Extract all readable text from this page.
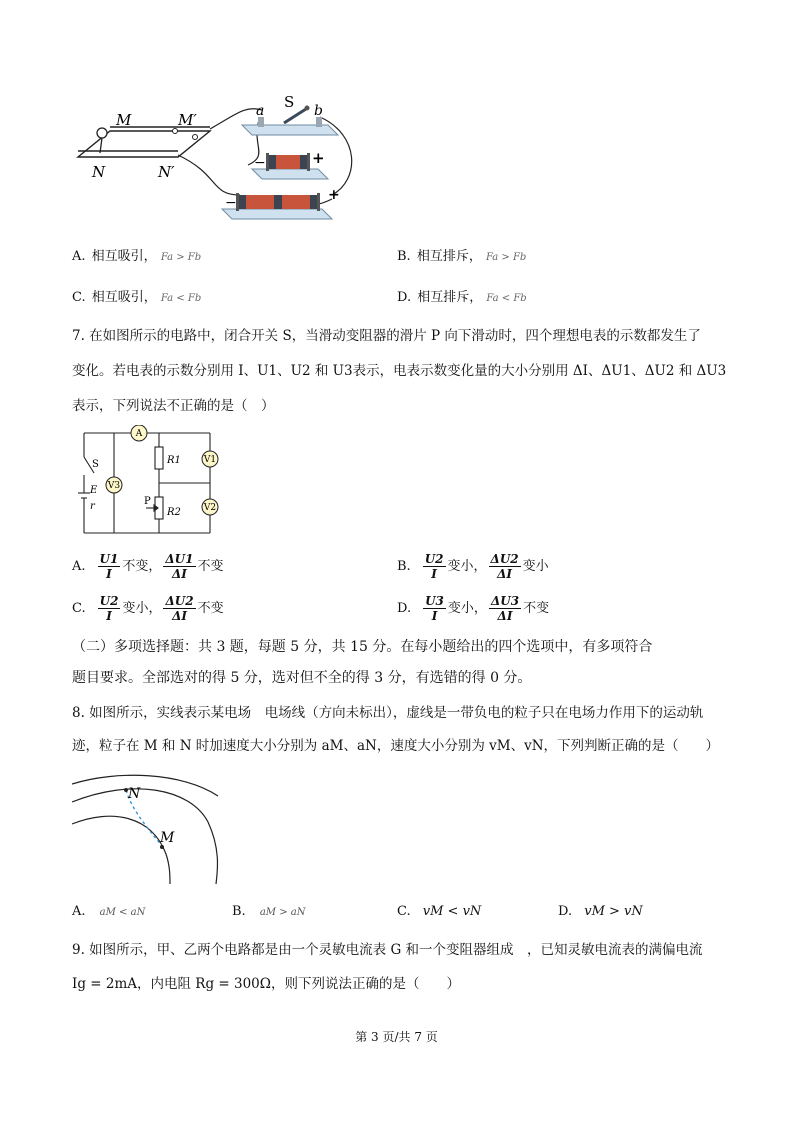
M	M′
N	N′
S
a	b
−	+
−	+
A. 相互吸引， Fa > Fb	B. 相互排斥， Fa > Fb
C. 相互吸引， Fa < Fb	D. 相互排斥， Fa < Fb
7. 在如图所示的电路中，闭合开关 S，当滑动变阻器的滑片 P 向下滑动时，四个理想电表的示数都发生了
变化。若电表的示数分别用 I、U1、U2 和 U3表示，电表示数变化量的大小分别用 ΔI、ΔU1、ΔU2 和 ΔU3
表示，下列说法不正确的是（　）
A
V3
V1
V2
S
E
r
R1
R2
P
A. $\frac{U1}{I}$ 不变， $\frac{\Delta U1}{\Delta I}$ 不变	B. $\frac{U2}{I}$ 变小， $\frac{\Delta U2}{\Delta I}$ 变小
C. $\frac{U2}{I}$ 变小， $\frac{\Delta U2}{\Delta I}$ 不变	D. $\frac{U3}{I}$ 变小， $\frac{\Delta U3}{\Delta I}$ 不变
（二）多项选择题：共 3 题，每题 5 分，共 15 分。在每小题给出的四个选项中，有多项符合
题目要求。全部选对的得 5 分，选对但不全的得 3 分，有选错的得 0 分。
8. 如图所示，实线表示某电场　电场线（方向未标出），虚线是一带负电的粒子只在电场力作用下的运动轨
迹，粒子在 M 和 N 时加速度大小分别为 aM、aN，速度大小分别为 vM、vN，下列判断正确的是（　　）
N
M
A. aM < aN	B. aM > aN	C. vM < vN	D. vM > vN
9. 如图所示，甲、乙两个电路都是由一个灵敏电流表 G 和一个变阻器组成　，已知灵敏电流表的满偏电流
Ig = 2mA，内电阻 Rg = 300Ω，则下列说法正确的是（　　）
第 3 页/共 7 页
